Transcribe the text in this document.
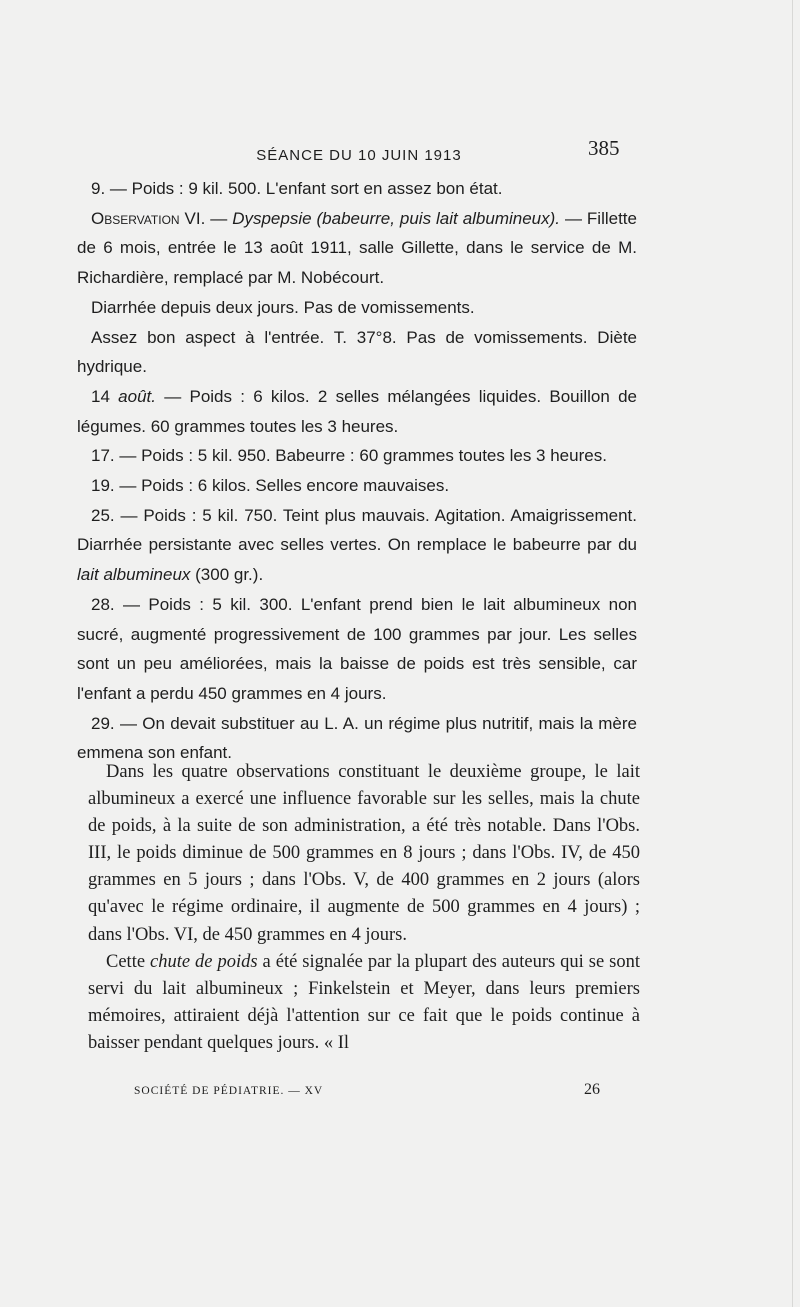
SÉANCE DU 10 JUIN 1913	385

9. — Poids : 9 kil. 500. L'enfant sort en assez bon état.

Observation VI. — Dyspepsie (babeurre, puis lait albumineux). — Fillette de 6 mois, entrée le 13 août 1911, salle Gillette, dans le service de M. Richardière, remplacé par M. Nobécourt.

Diarrhée depuis deux jours. Pas de vomissements.

Assez bon aspect à l'entrée. T. 37°8. Pas de vomissements. Diète hydrique.

14 août. — Poids : 6 kilos. 2 selles mélangées liquides. Bouillon de légumes. 60 grammes toutes les 3 heures.

17. — Poids : 5 kil. 950. Babeurre : 60 grammes toutes les 3 heures.

19. — Poids : 6 kilos. Selles encore mauvaises.

25. — Poids : 5 kil. 750. Teint plus mauvais. Agitation. Amaigrissement. Diarrhée persistante avec selles vertes. On remplace le babeurre par du lait albumineux (300 gr.).

28. — Poids : 5 kil. 300. L'enfant prend bien le lait albumineux non sucré, augmenté progressivement de 100 grammes par jour. Les selles sont un peu améliorées, mais la baisse de poids est très sensible, car l'enfant a perdu 450 grammes en 4 jours.

29. — On devait substituer au L. A. un régime plus nutritif, mais la mère emmena son enfant.

Dans les quatre observations constituant le deuxième groupe, le lait albumineux a exercé une influence favorable sur les selles, mais la chute de poids, à la suite de son administration, a été très notable. Dans l'Obs. III, le poids diminue de 500 grammes en 8 jours ; dans l'Obs. IV, de 450 grammes en 5 jours ; dans l'Obs. V, de 400 grammes en 2 jours (alors qu'avec le régime ordinaire, il augmente de 500 grammes en 4 jours) ; dans l'Obs. VI, de 450 grammes en 4 jours.

Cette chute de poids a été signalée par la plupart des auteurs qui se sont servi du lait albumineux ; Finkelstein et Meyer, dans leurs premiers mémoires, attiraient déjà l'attention sur ce fait que le poids continue à baisser pendant quelques jours. « Il

SOCIÉTÉ DE PÉDIATRIE. — XV	26
